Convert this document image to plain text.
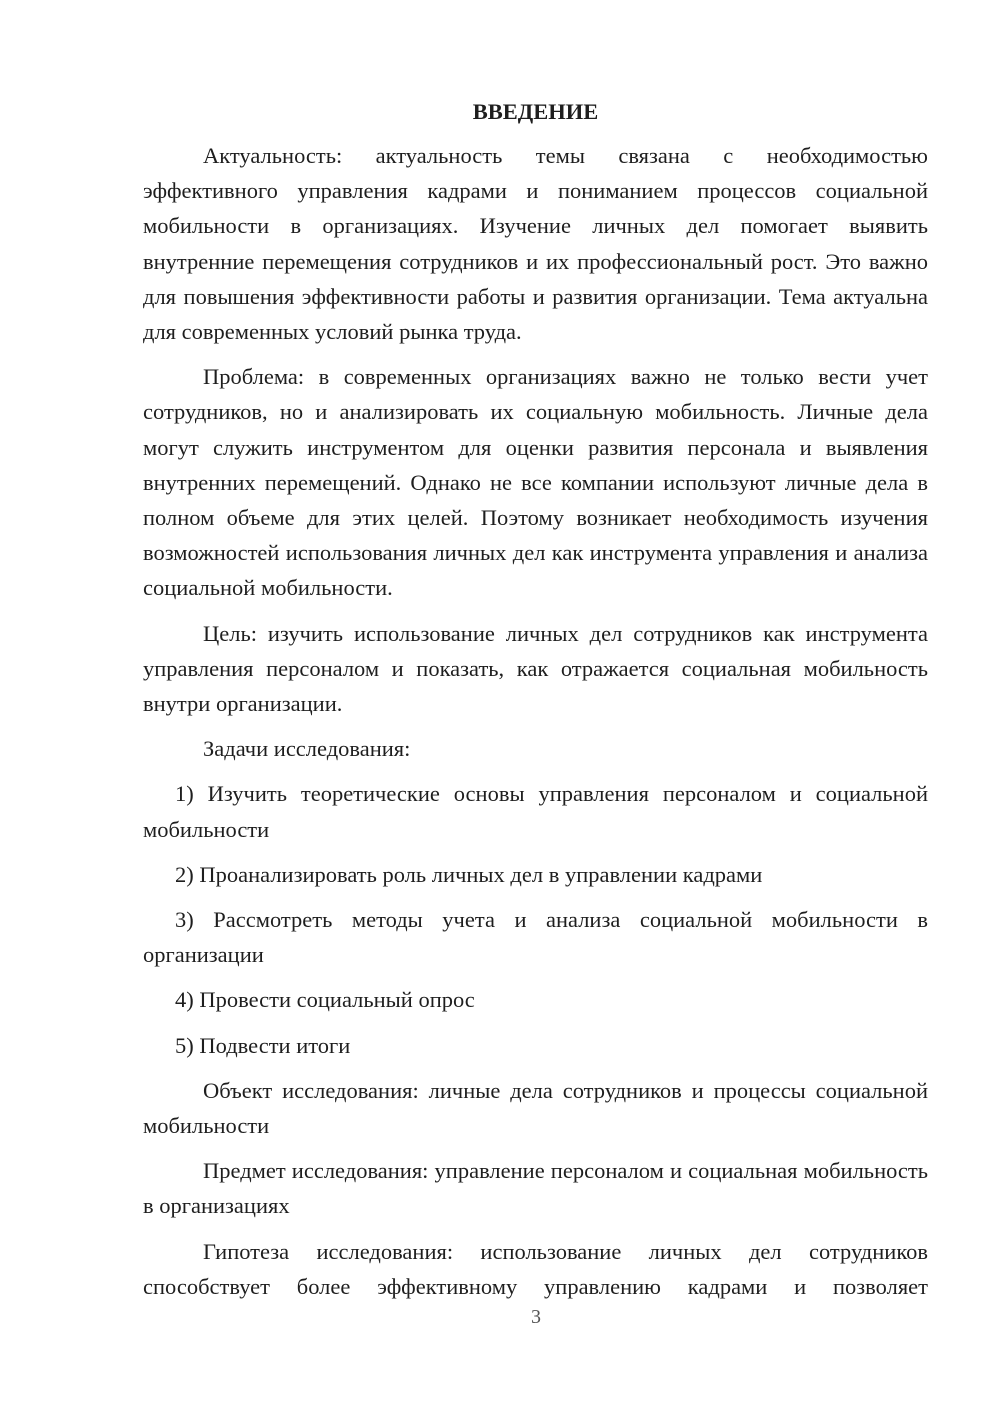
ВВЕДЕНИЕ

Актуальность: актуальность темы связана с необходимостью эффективного управления кадрами и пониманием процессов социальной мобильности в организациях. Изучение личных дел помогает выявить внутренние перемещения сотрудников и их профессиональный рост. Это важно для повышения эффективности работы и развития организации. Тема актуальна для современных условий рынка труда.

Проблема: в современных организациях важно не только вести учет сотрудников, но и анализировать их социальную мобильность. Личные дела могут служить инструментом для оценки развития персонала и выявления внутренних перемещений. Однако не все компании используют личные дела в полном объеме для этих целей. Поэтому возникает необходимость изучения возможностей использования личных дел как инструмента управления и анализа социальной мобильности.

Цель: изучить использование личных дел сотрудников как инструмента управления персоналом и показать, как отражается социальная мобильность внутри организации.

Задачи исследования:

1) Изучить теоретические основы управления персоналом и социальной мобильности

2) Проанализировать роль личных дел в управлении кадрами

3) Рассмотреть методы учета и анализа социальной мобильности в организации

4) Провести социальный опрос

5) Подвести итоги

Объект исследования: личные дела сотрудников и процессы социальной мобильности

Предмет исследования: управление персоналом и социальная мобильность в организациях

Гипотеза исследования: использование личных дел сотрудников способствует более эффективному управлению кадрами и позволяет

3
